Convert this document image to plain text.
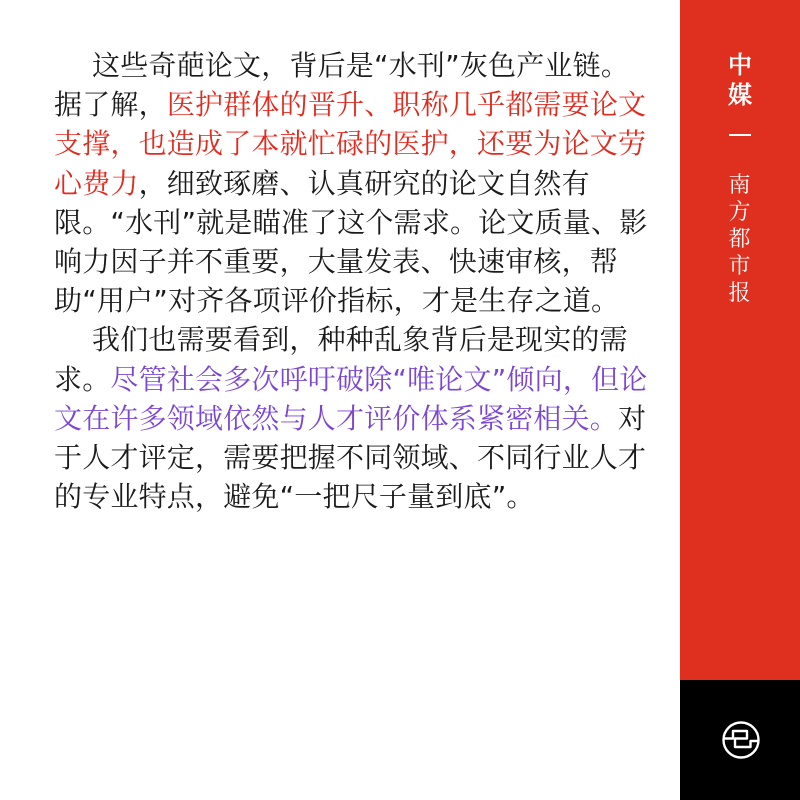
这些奇葩论文，背后是“水刊”灰色产业链。据了解，医护群体的晋升、职称几乎都需要论文支撑，也造成了本就忙碌的医护，还要为论文劳心费力，细致琢磨、认真研究的论文自然有限。“水刊”就是瞄准了这个需求。论文质量、影响力因子并不重要，大量发表、快速审核，帮助“用户”对齐各项评价指标，才是生存之道。

我们也需要看到，种种乱象背后是现实的需求。尽管社会多次呼吁破除“唯论文”倾向，但论文在许多领域依然与人才评价体系紧密相关。对于人才评定，需要把握不同领域、不同行业人才的专业特点，避免“一把尺子量到底”。

中
媒
南
方
都
市
报
